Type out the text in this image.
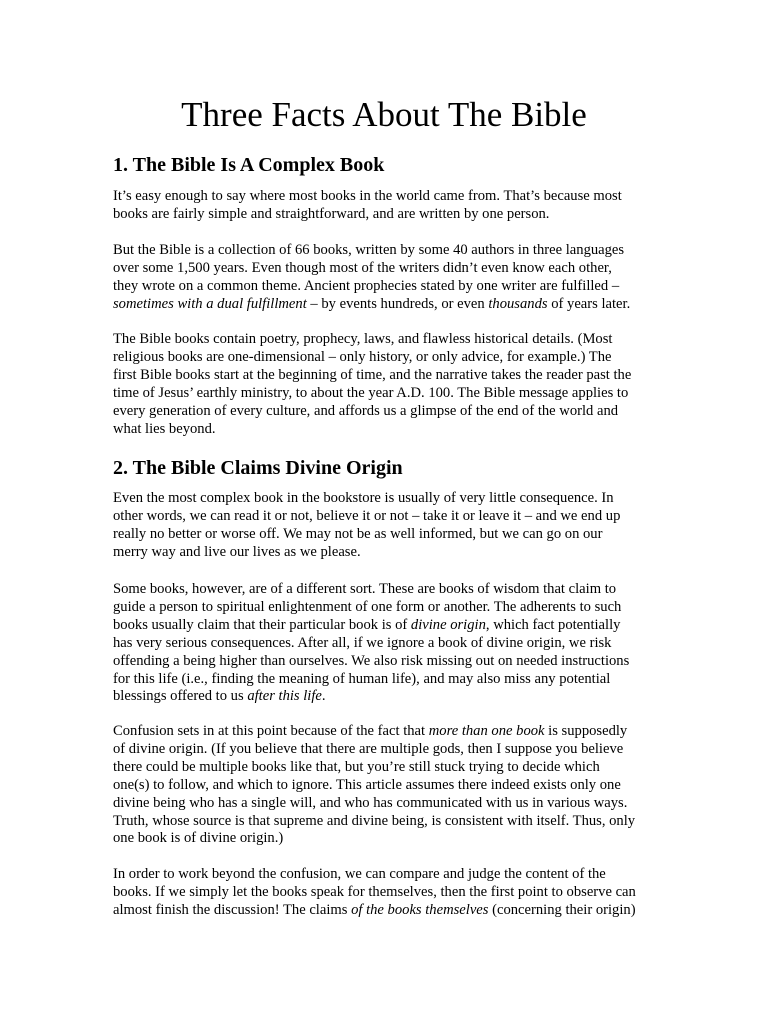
Three Facts About The Bible
1. The Bible Is A Complex Book
It’s easy enough to say where most books in the world came from. That’s because most
books are fairly simple and straightforward, and are written by one person.
But the Bible is a collection of 66 books, written by some 40 authors in three languages
over some 1,500 years. Even though most of the writers didn’t even know each other,
they wrote on a common theme. Ancient prophecies stated by one writer are fulfilled –
sometimes with a dual fulfillment – by events hundreds, or even thousands of years later.
The Bible books contain poetry, prophecy, laws, and flawless historical details. (Most
religious books are one-dimensional – only history, or only advice, for example.) The
first Bible books start at the beginning of time, and the narrative takes the reader past the
time of Jesus’ earthly ministry, to about the year A.D. 100. The Bible message applies to
every generation of every culture, and affords us a glimpse of the end of the world and
what lies beyond.
2. The Bible Claims Divine Origin
Even the most complex book in the bookstore is usually of very little consequence. In
other words, we can read it or not, believe it or not – take it or leave it – and we end up
really no better or worse off. We may not be as well informed, but we can go on our
merry way and live our lives as we please.
Some books, however, are of a different sort. These are books of wisdom that claim to
guide a person to spiritual enlightenment of one form or another. The adherents to such
books usually claim that their particular book is of divine origin, which fact potentially
has very serious consequences. After all, if we ignore a book of divine origin, we risk
offending a being higher than ourselves. We also risk missing out on needed instructions
for this life (i.e., finding the meaning of human life), and may also miss any potential
blessings offered to us after this life.
Confusion sets in at this point because of the fact that more than one book is supposedly
of divine origin. (If you believe that there are multiple gods, then I suppose you believe
there could be multiple books like that, but you’re still stuck trying to decide which
one(s) to follow, and which to ignore. This article assumes there indeed exists only one
divine being who has a single will, and who has communicated with us in various ways.
Truth, whose source is that supreme and divine being, is consistent with itself. Thus, only
one book is of divine origin.)
In order to work beyond the confusion, we can compare and judge the content of the
books. If we simply let the books speak for themselves, then the first point to observe can
almost finish the discussion! The claims of the books themselves (concerning their origin)
